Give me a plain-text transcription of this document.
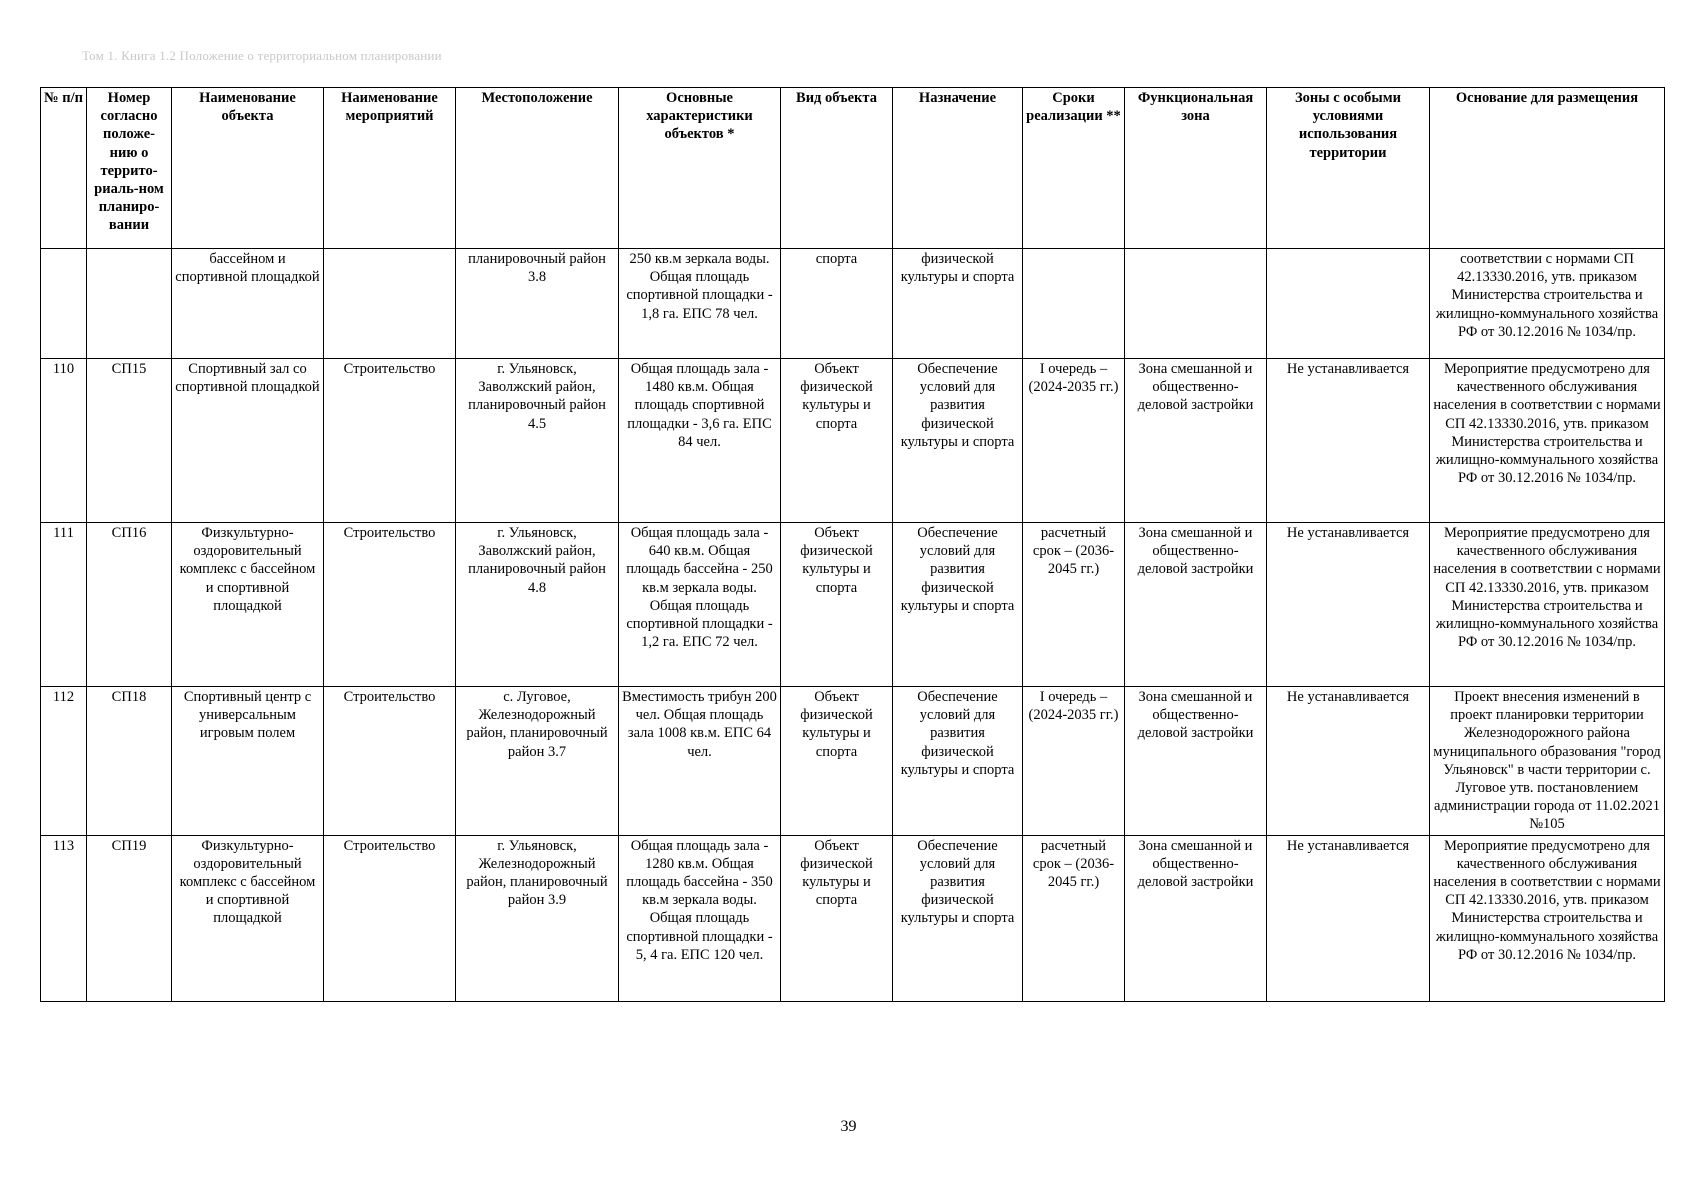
Том 1. Книга 1.2 Положение о территориальном планировании
№ п/п	Номер согласно положе-нию о террито-риаль-ном планиро-вании	Наименование объекта	Наименование мероприятий	Местоположение	Основные характеристики объектов *	Вид объекта	Назначение	Сроки реализации **	Функциональная зона	Зоны с особыми условиями использования территории	Основание для размещения
		бассейном и спортивной площадкой		планировочный район 3.8	250 кв.м зеркала воды. Общая площадь спортивной площадки - 1,8 га. ЕПС 78 чел.	спорта	физической культуры и спорта				соответствии с нормами СП 42.13330.2016, утв. приказом Министерства строительства и жилищно-коммунального хозяйства РФ от 30.12.2016 № 1034/пр.
110	СП15	Спортивный зал со спортивной площадкой	Строительство	г. Ульяновск, Заволжский район, планировочный район 4.5	Общая площадь зала - 1480 кв.м. Общая площадь спортивной площадки - 3,6 га. ЕПС 84 чел.	Объект физической культуры и спорта	Обеспечение условий для развития физической культуры и спорта	I очередь – (2024-2035 гг.)	Зона смешанной и общественно-деловой застройки	Не устанавливается	Мероприятие предусмотрено для качественного обслуживания населения в соответствии с нормами СП 42.13330.2016, утв. приказом Министерства строительства и жилищно-коммунального хозяйства РФ от 30.12.2016 № 1034/пр.
111	СП16	Физкультурно-оздоровительный комплекс с бассейном и спортивной площадкой	Строительство	г. Ульяновск, Заволжский район, планировочный район 4.8	Общая площадь зала - 640 кв.м. Общая площадь бассейна - 250 кв.м зеркала воды. Общая площадь спортивной площадки - 1,2 га. ЕПС 72 чел.	Объект физической культуры и спорта	Обеспечение условий для развития физической культуры и спорта	расчетный срок – (2036-2045 гг.)	Зона смешанной и общественно-деловой застройки	Не устанавливается	Мероприятие предусмотрено для качественного обслуживания населения в соответствии с нормами СП 42.13330.2016, утв. приказом Министерства строительства и жилищно-коммунального хозяйства РФ от 30.12.2016 № 1034/пр.
112	СП18	Спортивный центр с универсальным игровым полем	Строительство	с. Луговое, Железнодорожный район, планировочный район 3.7	Вместимость трибун 200 чел. Общая площадь зала 1008 кв.м. ЕПС 64 чел.	Объект физической культуры и спорта	Обеспечение условий для развития физической культуры и спорта	I очередь – (2024-2035 гг.)	Зона смешанной и общественно-деловой застройки	Не устанавливается	Проект внесения изменений в проект планировки территории Железнодорожного района муниципального образования "город Ульяновск" в части территории с. Луговое утв. постановлением администрации города от 11.02.2021 №105
113	СП19	Физкультурно-оздоровительный комплекс с бассейном и спортивной площадкой	Строительство	г. Ульяновск, Железнодорожный район, планировочный район 3.9	Общая площадь зала - 1280 кв.м. Общая площадь бассейна - 350 кв.м зеркала воды. Общая площадь спортивной площадки - 5, 4 га. ЕПС 120 чел.	Объект физической культуры и спорта	Обеспечение условий для развития физической культуры и спорта	расчетный срок – (2036-2045 гг.)	Зона смешанной и общественно-деловой застройки	Не устанавливается	Мероприятие предусмотрено для качественного обслуживания населения в соответствии с нормами СП 42.13330.2016, утв. приказом Министерства строительства и жилищно-коммунального хозяйства РФ от 30.12.2016 № 1034/пр.
39
